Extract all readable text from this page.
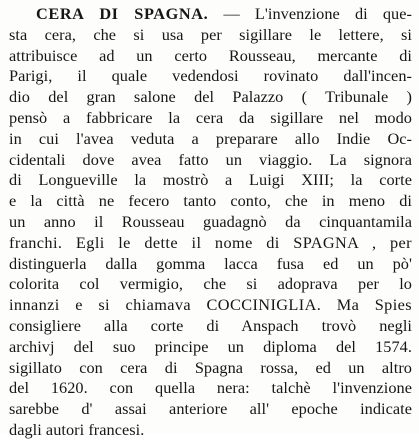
CERA DI SPAGNA. — L'invenzione di que-
sta cera, che si usa per sigillare le lettere, si
attribuisce ad un certo Rousseau, mercante di
Parigi, il quale vedendosi rovinato dall'incen-
dio del gran salone del Palazzo ( Tribunale )
pensò a fabbricare la cera da sigillare nel modo
in cui l'avea veduta a preparare allo Indie Oc-
cidentali dove avea fatto un viaggio. La signora
di Longueville la mostrò a Luigi XIII; la corte
e la città ne fecero tanto conto, che in meno di
un anno il Rousseau guadagnò da cinquantamila
franchi. Egli le dette il nome di SPAGNA , per
distinguerla dalla gomma lacca fusa ed un pò'
colorita col vermigio, che si adoprava per lo
innanzi e si chiamava COCCINIGLIA. Ma Spies
consigliere alla corte di Anspach trovò negli
archivj del suo principe un diploma del 1574.
sigillato con cera di Spagna rossa, ed un altro
del 1620. con quella nera: talchè l'invenzione
sarebbe d' assai anteriore all' epoche indicate
dagli autori francesi.
